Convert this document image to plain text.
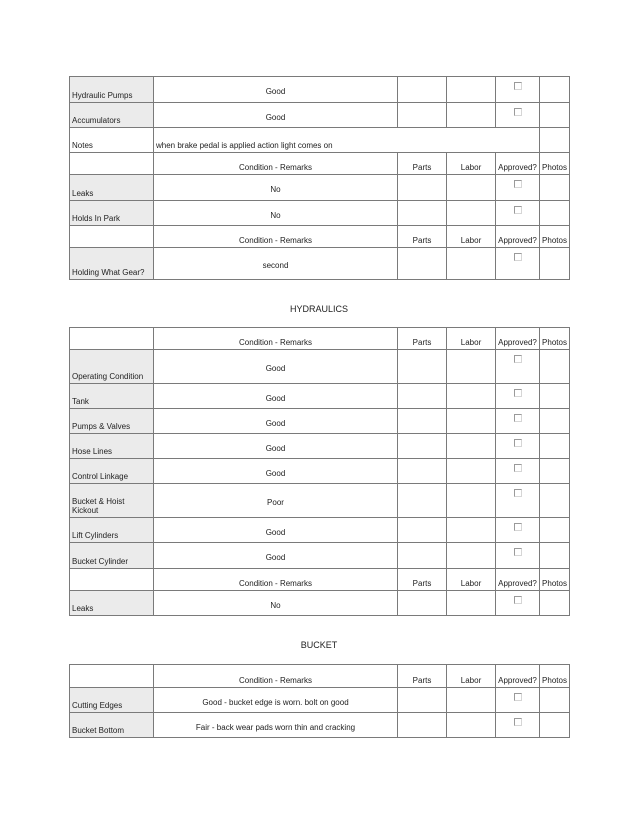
Hydraulic Pumps	Good				
Accumulators	Good				
Notes	when brake pedal is applied action light comes on				
	Condition - Remarks	Parts	Labor	Approved?	Photos
Leaks	No				
Holds In Park	No				
	Condition - Remarks	Parts	Labor	Approved?	Photos
Holding What Gear?	second				
HYDRAULICS
	Condition - Remarks	Parts	Labor	Approved?	Photos
Operating Condition	Good				
Tank	Good				
Pumps & Valves	Good				
Hose Lines	Good				
Control Linkage	Good				
Bucket & Hoist Kickout	Poor				
Lift Cylinders	Good				
Bucket Cylinder	Good				
	Condition - Remarks	Parts	Labor	Approved?	Photos
Leaks	No				
BUCKET
	Condition - Remarks	Parts	Labor	Approved?	Photos
Cutting Edges	Good - bucket edge is worn. bolt on good				
Bucket Bottom	Fair - back wear pads worn thin and cracking				
